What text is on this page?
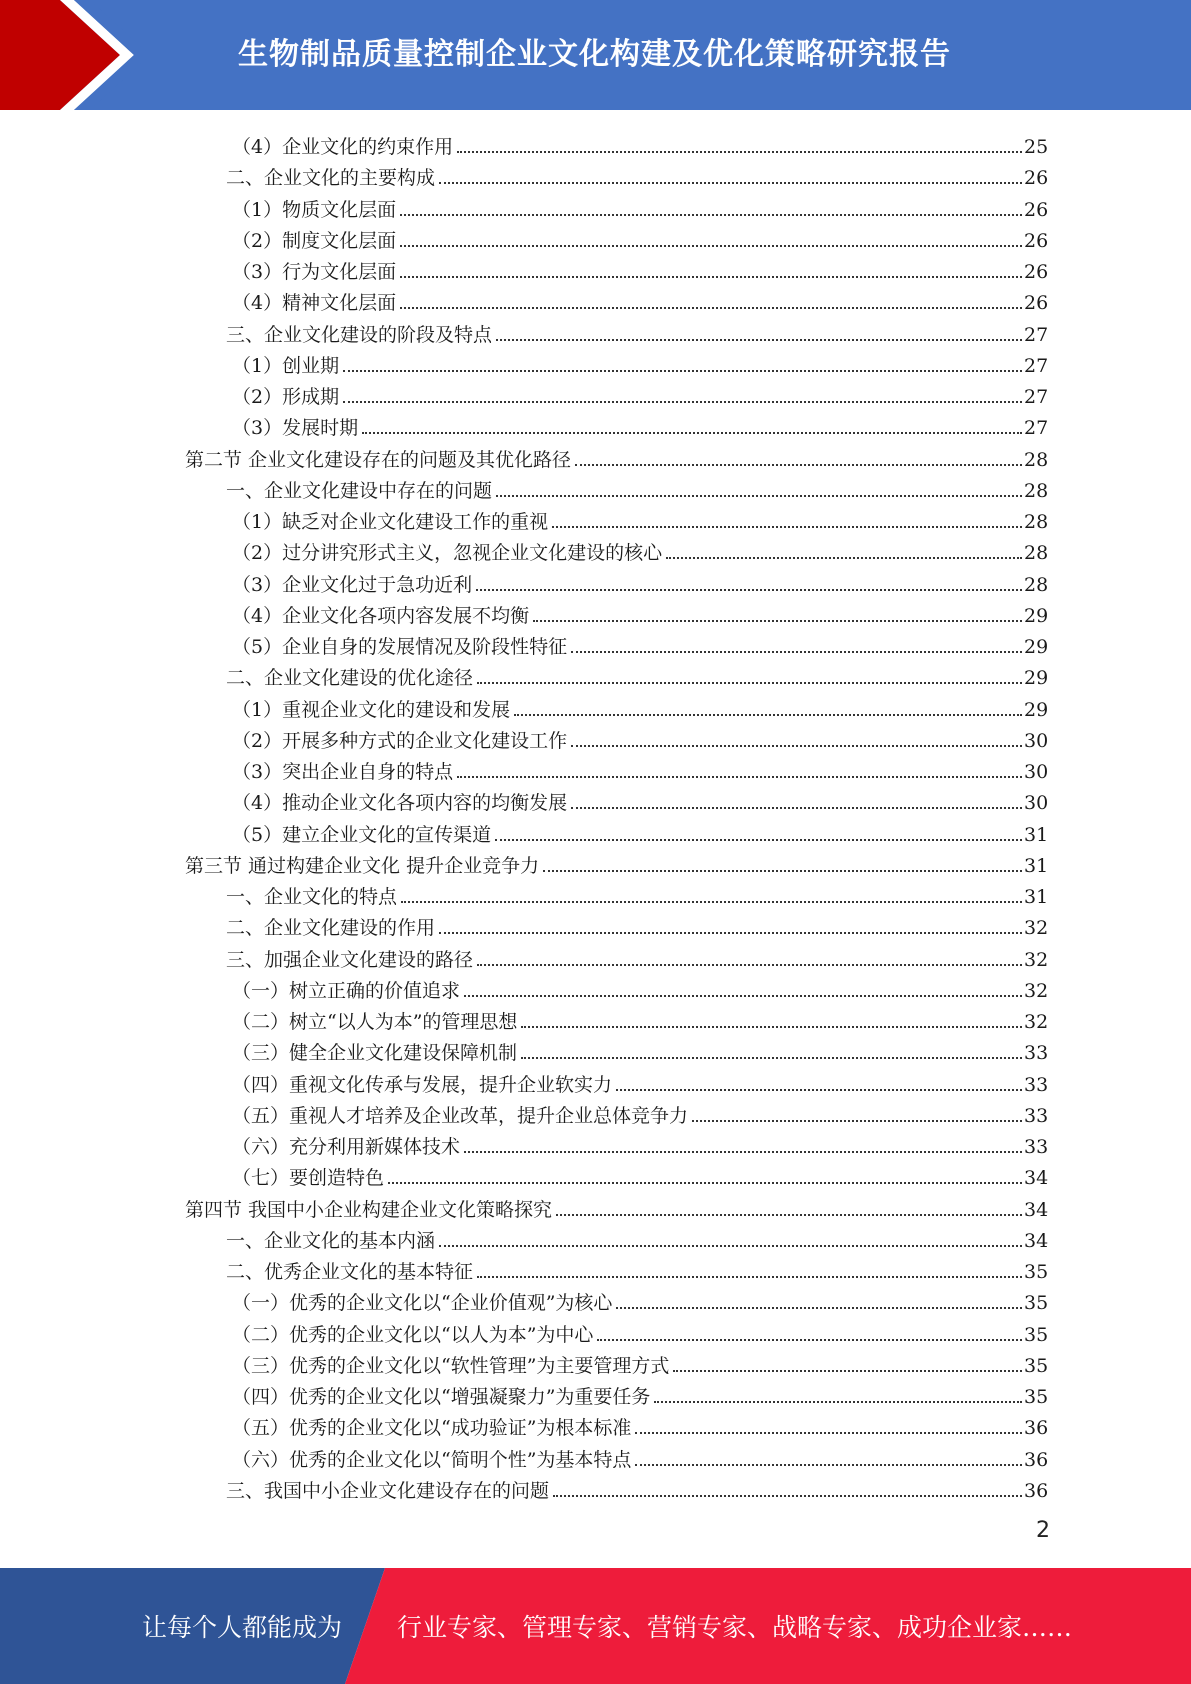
生物制品质量控制企业文化构建及优化策略研究报告
（4）企业文化的约束作用	25
二、企业文化的主要构成	26
（1）物质文化层面	26
（2）制度文化层面	26
（3）行为文化层面	26
（4）精神文化层面	26
三、企业文化建设的阶段及特点	27
（1）创业期	27
（2）形成期	27
（3）发展时期	27
第二节 企业文化建设存在的问题及其优化路径	28
一、企业文化建设中存在的问题	28
（1）缺乏对企业文化建设工作的重视	28
（2）过分讲究形式主义，忽视企业文化建设的核心	28
（3）企业文化过于急功近利	28
（4）企业文化各项内容发展不均衡	29
（5）企业自身的发展情况及阶段性特征	29
二、企业文化建设的优化途径	29
（1）重视企业文化的建设和发展	29
（2）开展多种方式的企业文化建设工作	30
（3）突出企业自身的特点	30
（4）推动企业文化各项内容的均衡发展	30
（5）建立企业文化的宣传渠道	31
第三节 通过构建企业文化 提升企业竞争力	31
一、企业文化的特点	31
二、企业文化建设的作用	32
三、加强企业文化建设的路径	32
（一）树立正确的价值追求	32
（二）树立“以人为本”的管理思想	32
（三）健全企业文化建设保障机制	33
（四）重视文化传承与发展，提升企业软实力	33
（五）重视人才培养及企业改革，提升企业总体竞争力	33
（六）充分利用新媒体技术	33
（七）要创造特色	34
第四节 我国中小企业构建企业文化策略探究	34
一、企业文化的基本内涵	34
二、优秀企业文化的基本特征	35
（一）优秀的企业文化以“企业价值观”为核心	35
（二）优秀的企业文化以“以人为本”为中心	35
（三）优秀的企业文化以“软性管理”为主要管理方式	35
（四）优秀的企业文化以“增强凝聚力”为重要任务	35
（五）优秀的企业文化以“成功验证”为根本标准	36
（六）优秀的企业文化以“简明个性”为基本特点	36
三、我国中小企业文化建设存在的问题	36
2
让每个人都能成为 行业专家、管理专家、营销专家、战略专家、成功企业家……
